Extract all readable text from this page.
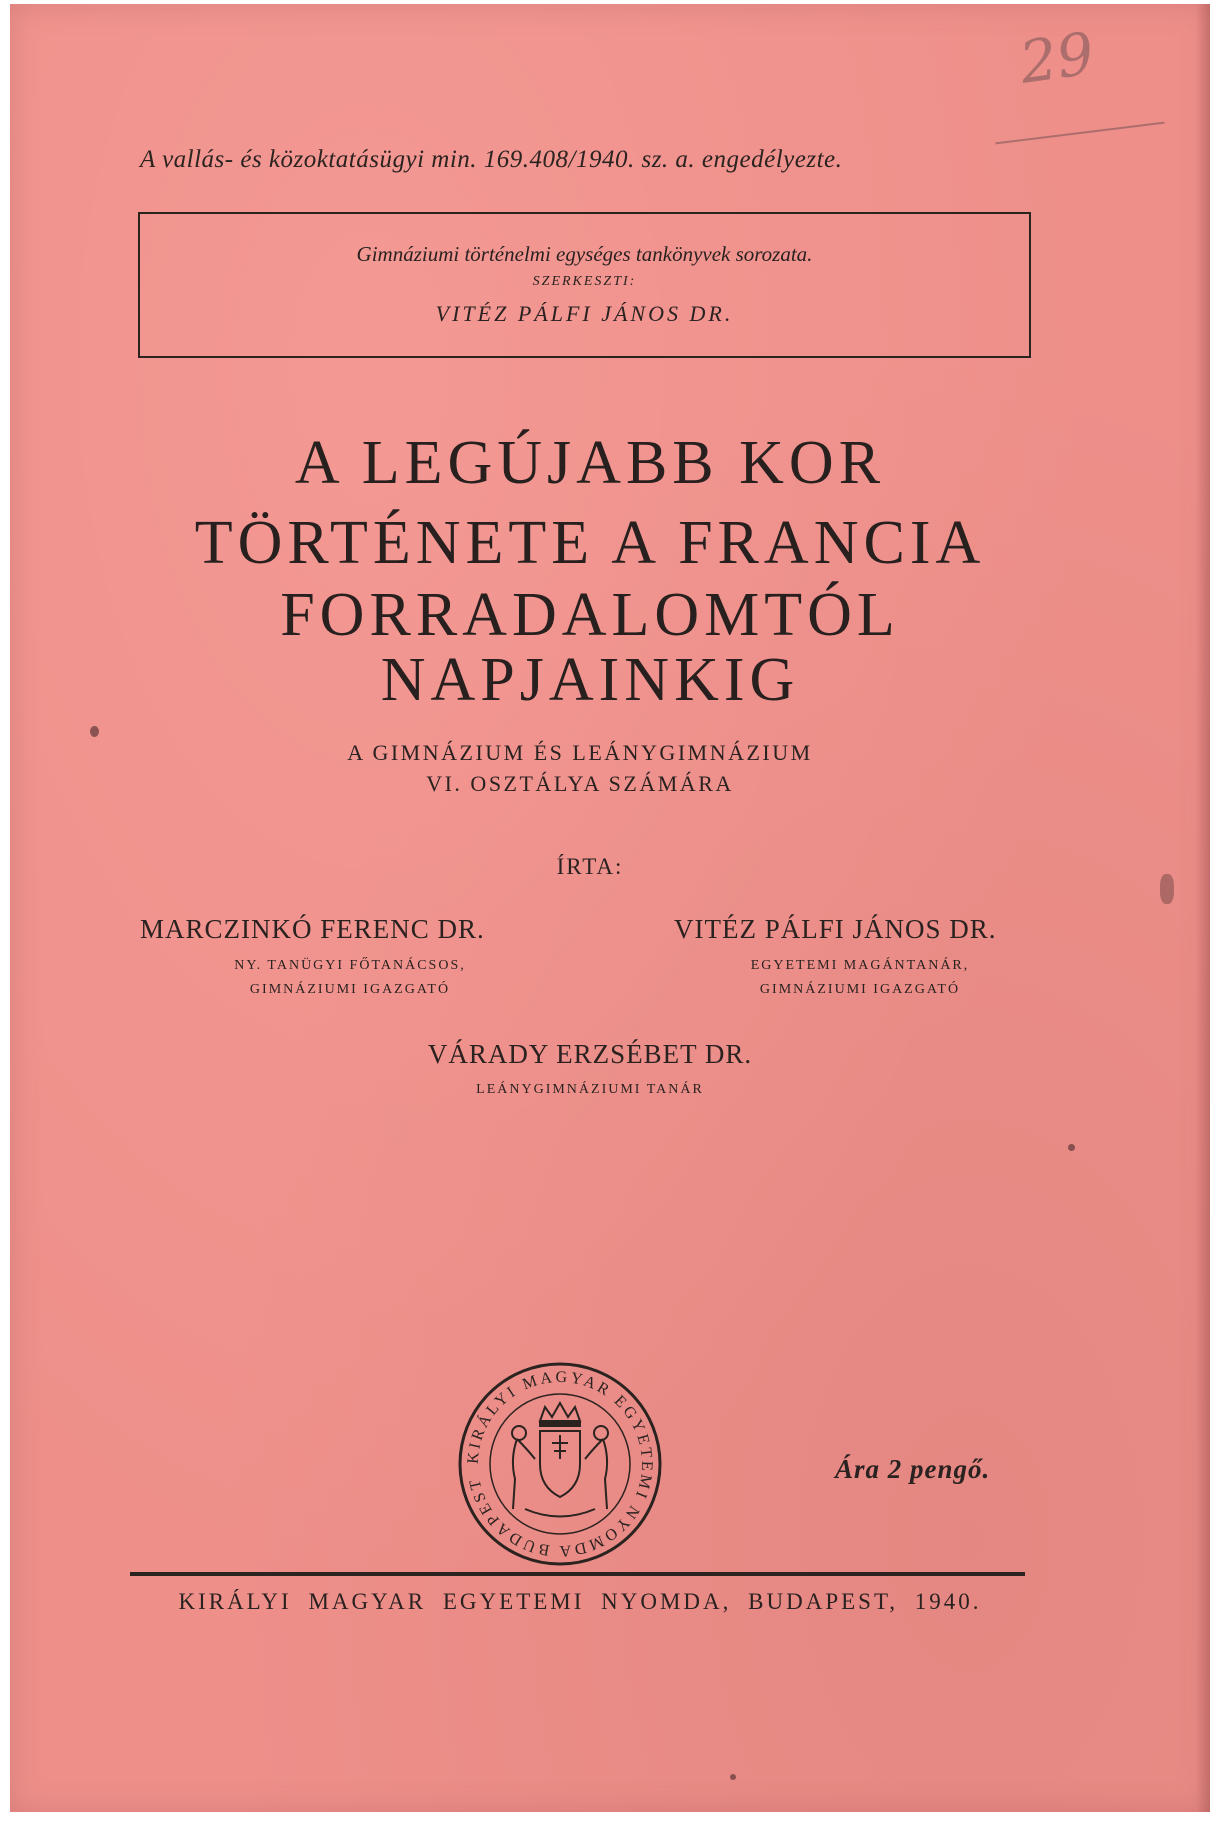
29
A vallás- és közoktatásügyi min. 169.408/1940. sz. a. engedélyezte.
Gimnáziumi történelmi egységes tankönyvek sorozata.
SZERKESZTI:
VITÉZ PÁLFI JÁNOS DR.
A LEGÚJABB KOR
TÖRTÉNETE A FRANCIA
FORRADALOMTÓL
NAPJAINKIG
A GIMNÁZIUM ÉS LEÁNYGIMNÁZIUM
VI. OSZTÁLYA SZÁMÁRA
ÍRTA:
MARCZINKÓ FERENC DR.
NY. TANÜGYI FŐTANÁCSOS,
GIMNÁZIUMI IGAZGATÓ
VITÉZ PÁLFI JÁNOS DR.
EGYETEMI MAGÁNTANÁR,
GIMNÁZIUMI IGAZGATÓ
VÁRADY ERZSÉBET DR.
LEÁNYGIMNÁZIUMI TANÁR
KIRÁLYI MAGYAR EGYETEMI NYOMDA BUDAPEST	Ára 2 pengő.
KIRÁLYI MAGYAR EGYETEMI NYOMDA, BUDAPEST, 1940.
